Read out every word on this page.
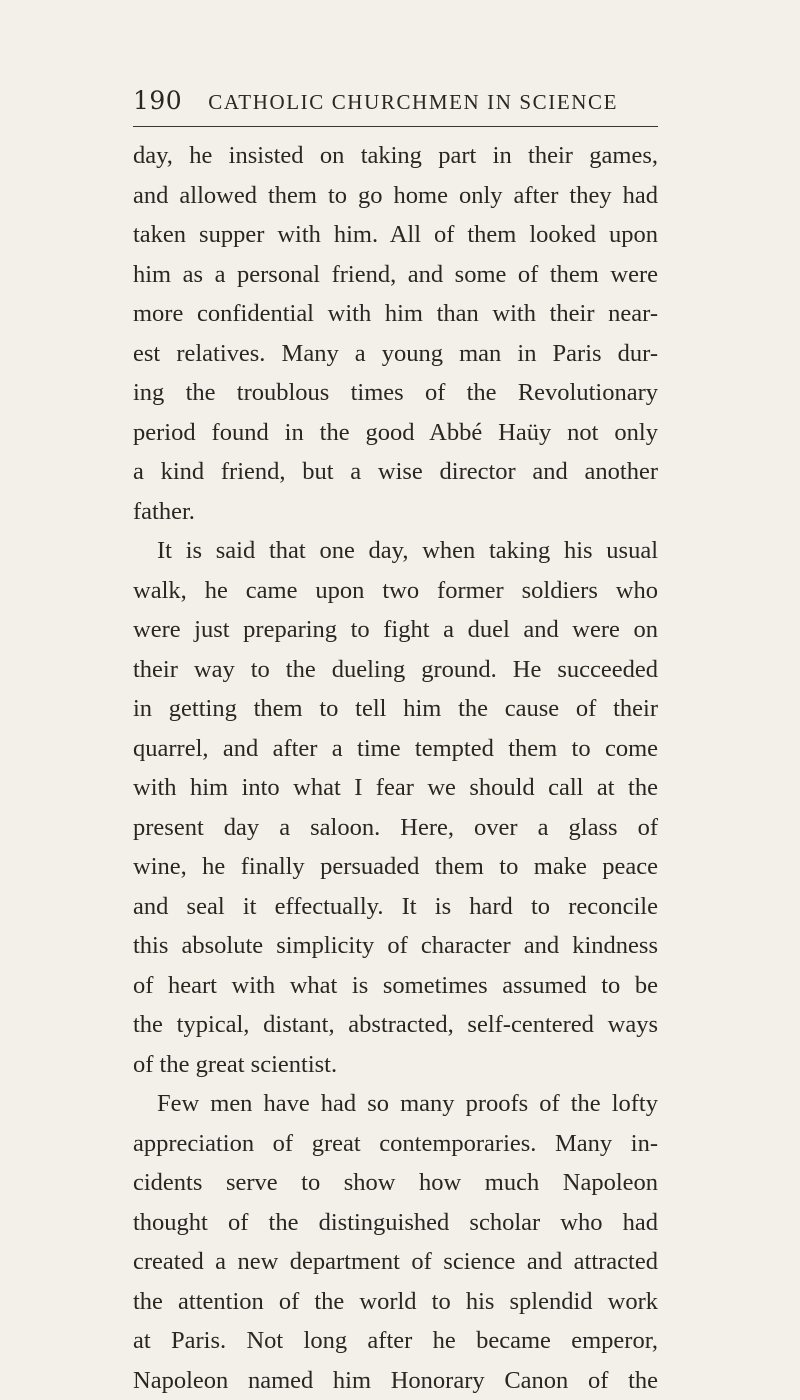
190 CATHOLIC CHURCHMEN IN SCIENCE
day, he insisted on taking part in their games,
and allowed them to go home only after they had
taken supper with him. All of them looked upon
him as a personal friend, and some of them were
more confidential with him than with their near-
est relatives. Many a young man in Paris dur-
ing the troublous times of the Revolutionary
period found in the good Abbé Haüy not only
a kind friend, but a wise director and another
father.
It is said that one day, when taking his usual
walk, he came upon two former soldiers who
were just preparing to fight a duel and were on
their way to the dueling ground. He succeeded
in getting them to tell him the cause of their
quarrel, and after a time tempted them to come
with him into what I fear we should call at the
present day a saloon. Here, over a glass of
wine, he finally persuaded them to make peace
and seal it effectually. It is hard to reconcile
this absolute simplicity of character and kindness
of heart with what is sometimes assumed to be
the typical, distant, abstracted, self-centered ways
of the great scientist.
Few men have had so many proofs of the lofty
appreciation of great contemporaries. Many in-
cidents serve to show how much Napoleon
thought of the distinguished scholar who had
created a new department of science and attracted
the attention of the world to his splendid work
at Paris. Not long after he became emperor,
Napoleon named him Honorary Canon of the
